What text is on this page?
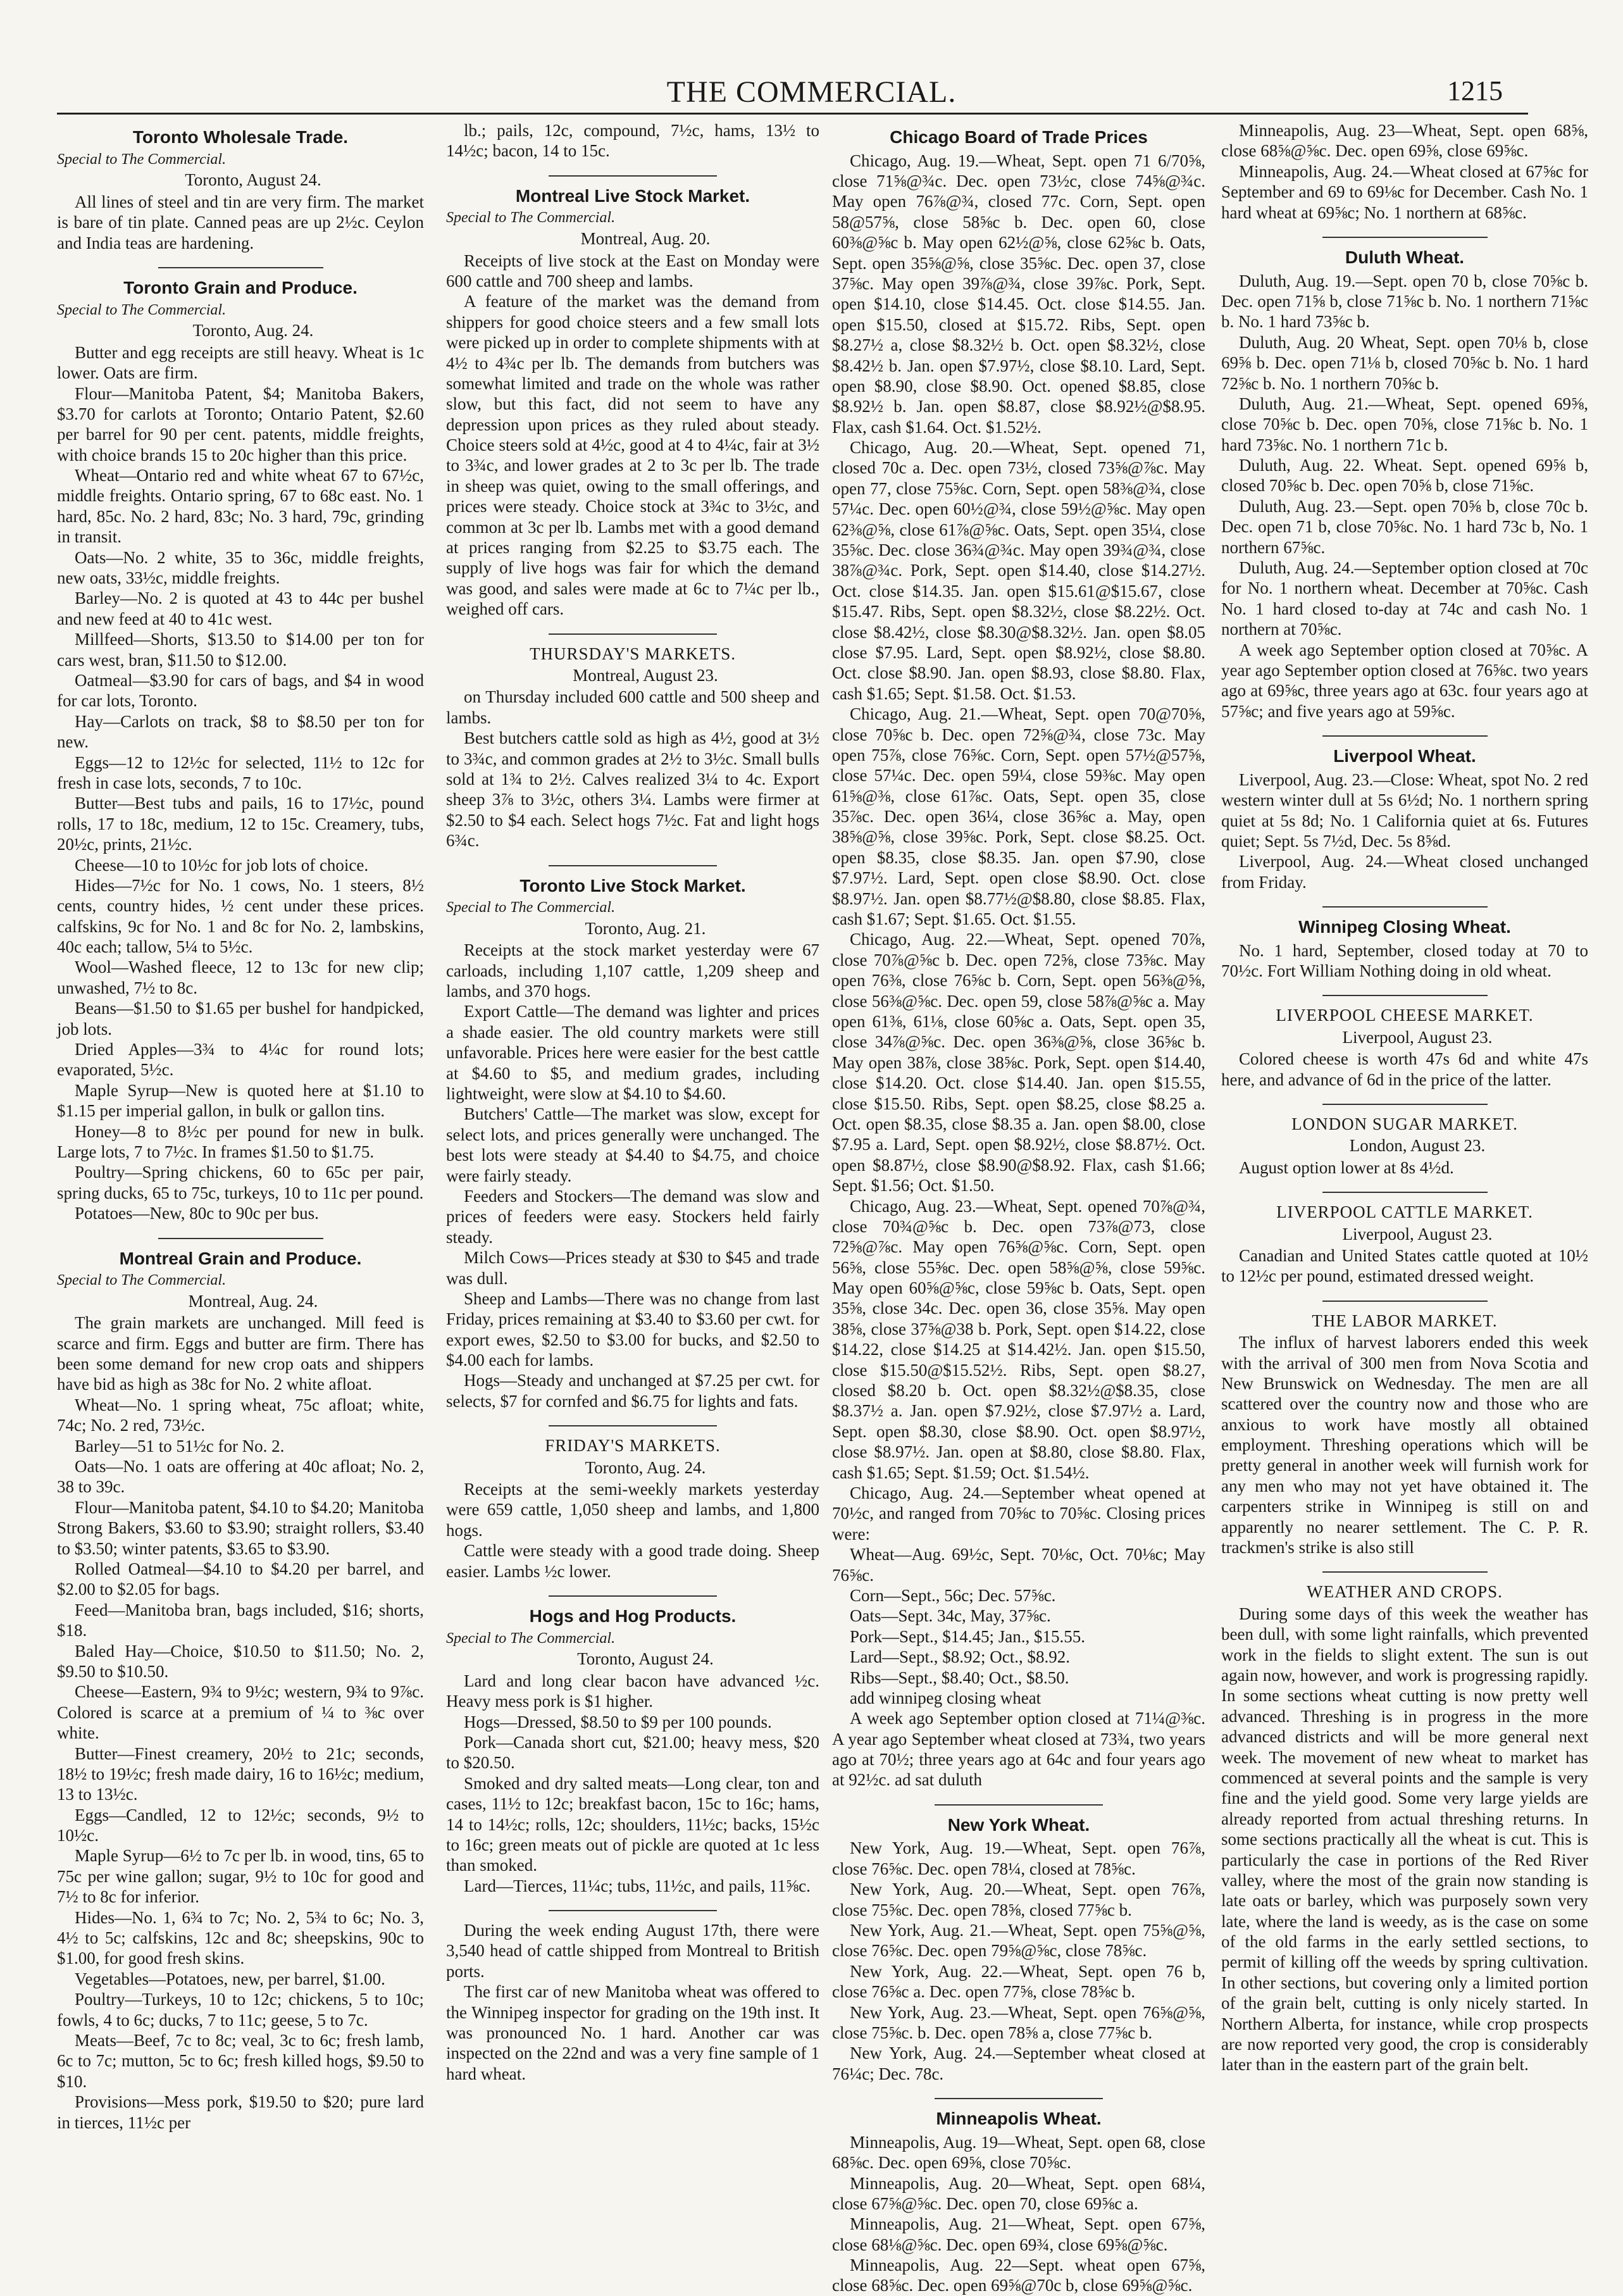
THE COMMERCIAL.	1215
Toronto Wholesale Trade.
Special to The Commercial.
Toronto, August 24.

All lines of steel and tin are very firm. The market is bare of tin plate. Canned peas are up 2½c. Ceylon and India teas are hardening.

Toronto Grain and Produce.
Special to The Commercial.
Toronto, Aug. 24.

Butter and egg receipts are still heavy. Wheat is 1c lower. Oats are firm.

Flour—Manitoba Patent, $4; Manitoba Bakers, $3.70 for carlots at Toronto; Ontario Patent, $2.60 per barrel for 90 per cent. patents, middle freights, with choice brands 15 to 20c higher than this price.

Wheat—Ontario red and white wheat 67 to 67½c, middle freights. Ontario spring, 67 to 68c east. No. 1 hard, 85c. No. 2 hard, 83c; No. 3 hard, 79c, grinding in transit.

Oats—No. 2 white, 35 to 36c, middle freights, new oats, 33½c, middle freights.

Barley—No. 2 is quoted at 43 to 44c per bushel and new feed at 40 to 41c west.

Millfeed—Shorts, $13.50 to $14.00 per ton for cars west, bran, $11.50 to $12.00.

Oatmeal—$3.90 for cars of bags, and $4 in wood for car lots, Toronto.

Hay—Carlots on track, $8 to $8.50 per ton for new.

Eggs—12 to 12½c for selected, 11½ to 12c for fresh in case lots, seconds, 7 to 10c.

Butter—Best tubs and pails, 16 to 17½c, pound rolls, 17 to 18c, medium, 12 to 15c. Creamery, tubs, 20½c, prints, 21½c.

Cheese—10 to 10½c for job lots of choice.

Hides—7½c for No. 1 cows, No. 1 steers, 8½ cents, country hides, ½ cent under these prices. calfskins, 9c for No. 1 and 8c for No. 2, lambskins, 40c each; tallow, 5¼ to 5½c.

Wool—Washed fleece, 12 to 13c for new clip; unwashed, 7½ to 8c.

Beans—$1.50 to $1.65 per bushel for handpicked, job lots.

Dried Apples—3¾ to 4¼c for round lots; evaporated, 5½c.

Maple Syrup—New is quoted here at $1.10 to $1.15 per imperial gallon, in bulk or gallon tins.

Honey—8 to 8½c per pound for new in bulk. Large lots, 7 to 7½c. In frames $1.50 to $1.75.

Poultry—Spring chickens, 60 to 65c per pair, spring ducks, 65 to 75c, turkeys, 10 to 11c per pound.

Potatoes—New, 80c to 90c per bus.

Montreal Grain and Produce.
Special to The Commercial.
Montreal, Aug. 24.

The grain markets are unchanged. Mill feed is scarce and firm. Eggs and butter are firm. There has been some demand for new crop oats and shippers have bid as high as 38c for No. 2 white afloat.

Wheat—No. 1 spring wheat, 75c afloat; white, 74c; No. 2 red, 73½c.

Barley—51 to 51½c for No. 2.

Oats—No. 1 oats are offering at 40c afloat; No. 2, 38 to 39c.

Flour—Manitoba patent, $4.10 to $4.20; Manitoba Strong Bakers, $3.60 to $3.90; straight rollers, $3.40 to $3.50; winter patents, $3.65 to $3.90.

Rolled Oatmeal—$4.10 to $4.20 per barrel, and $2.00 to $2.05 for bags.

Feed—Manitoba bran, bags included, $16; shorts, $18.

Baled Hay—Choice, $10.50 to $11.50; No. 2, $9.50 to $10.50.

Cheese—Eastern, 9¾ to 9½c; western, 9¾ to 9⅞c. Colored is scarce at a premium of ¼ to ⅜c over white.

Butter—Finest creamery, 20½ to 21c; seconds, 18½ to 19½c; fresh made dairy, 16 to 16½c; medium, 13 to 13½c.

Eggs—Candled, 12 to 12½c; seconds, 9½ to 10½c.

Maple Syrup—6½ to 7c per lb. in wood, tins, 65 to 75c per wine gallon; sugar, 9½ to 10c for good and 7½ to 8c for inferior.

Hides—No. 1, 6¾ to 7c; No. 2, 5¾ to 6c; No. 3, 4½ to 5c; calfskins, 12c and 8c; sheepskins, 90c to $1.00, for good fresh skins.

Vegetables—Potatoes, new, per barrel, $1.00.

Poultry—Turkeys, 10 to 12c; chickens, 5 to 10c; fowls, 4 to 6c; ducks, 7 to 11c; geese, 5 to 7c.

Meats—Beef, 7c to 8c; veal, 3c to 6c; fresh lamb, 6c to 7c; mutton, 5c to 6c; fresh killed hogs, $9.50 to $10.

Provisions—Mess pork, $19.50 to $20; pure lard in tierces, 11½c per

lb.; pails, 12c, compound, 7½c, hams, 13½ to 14½c; bacon, 14 to 15c.

Montreal Live Stock Market.
Special to The Commercial.
Montreal, Aug. 20.

Receipts of live stock at the East on Monday were 600 cattle and 700 sheep and lambs.

A feature of the market was the demand from shippers for good choice steers and a few small lots were picked up in order to complete shipments with at 4½ to 4¾c per lb. The demands from butchers was somewhat limited and trade on the whole was rather slow, but this fact, did not seem to have any depression upon prices as they ruled about steady. Choice steers sold at 4½c, good at 4 to 4¼c, fair at 3½ to 3¾c, and lower grades at 2 to 3c per lb. The trade in sheep was quiet, owing to the small offerings, and prices were steady. Choice stock at 3¾c to 3½c, and common at 3c per lb. Lambs met with a good demand at prices ranging from $2.25 to $3.75 each. The supply of live hogs was fair for which the demand was good, and sales were made at 6c to 7¼c per lb., weighed off cars.

THURSDAY'S MARKETS.
Montreal, August 23.

on Thursday included 600 cattle and 500 sheep and lambs.

Best butchers cattle sold as high as 4½, good at 3½ to 3¾c, and common grades at 2½ to 3½c. Small bulls sold at 1¾ to 2½. Calves realized 3¼ to 4c. Export sheep 3⅞ to 3½c, others 3¼. Lambs were firmer at $2.50 to $4 each. Select hogs 7½c. Fat and light hogs 6¾c.

Toronto Live Stock Market.
Special to The Commercial.
Toronto, Aug. 21.

Receipts at the stock market yesterday were 67 carloads, including 1,107 cattle, 1,209 sheep and lambs, and 370 hogs.

Export Cattle—The demand was lighter and prices a shade easier. The old country markets were still unfavorable. Prices here were easier for the best cattle at $4.60 to $5, and medium grades, including lightweight, were slow at $4.10 to $4.60.

Butchers' Cattle—The market was slow, except for select lots, and prices generally were unchanged. The best lots were steady at $4.40 to $4.75, and choice were fairly steady.

Feeders and Stockers—The demand was slow and prices of feeders were easy. Stockers held fairly steady.

Milch Cows—Prices steady at $30 to $45 and trade was dull.

Sheep and Lambs—There was no change from last Friday, prices remaining at $3.40 to $3.60 per cwt. for export ewes, $2.50 to $3.00 for bucks, and $2.50 to $4.00 each for lambs.

Hogs—Steady and unchanged at $7.25 per cwt. for selects, $7 for cornfed and $6.75 for lights and fats.

FRIDAY'S MARKETS.
Toronto, Aug. 24.

Receipts at the semi-weekly markets yesterday were 659 cattle, 1,050 sheep and lambs, and 1,800 hogs.

Cattle were steady with a good trade doing. Sheep easier. Lambs ½c lower.

Hogs and Hog Products.
Special to The Commercial.
Toronto, August 24.

Lard and long clear bacon have advanced ½c. Heavy mess pork is $1 higher.

Hogs—Dressed, $8.50 to $9 per 100 pounds.

Pork—Canada short cut, $21.00; heavy mess, $20 to $20.50.

Smoked and dry salted meats—Long clear, ton and cases, 11½ to 12c; breakfast bacon, 15c to 16c; hams, 14 to 14½c; rolls, 12c; shoulders, 11½c; backs, 15½c to 16c; green meats out of pickle are quoted at 1c less than smoked.

Lard—Tierces, 11¼c; tubs, 11½c, and pails, 11⅝c.

During the week ending August 17th, there were 3,540 head of cattle shipped from Montreal to British ports.

The first car of new Manitoba wheat was offered to the Winnipeg inspector for grading on the 19th inst. It was pronounced No. 1 hard. Another car was inspected on the 22nd and was a very fine sample of 1 hard wheat.

Chicago Board of Trade Prices

Chicago, Aug. 19.—Wheat, Sept. open 71 6/70⅝, close 71⅝@¾c. Dec. open 73½c, close 74⅝@¾c. May open 76⅞@¾, closed 77c. Corn, Sept. open 58@57⅝, close 58⅝c b. Dec. open 60, close 60⅜@⅝c b. May open 62½@⅝, close 62⅝c b. Oats, Sept. open 35⅝@⅝, close 35⅝c. Dec. open 37, close 37⅝c. May open 39⅞@¾, close 39⅞c. Pork, Sept. open $14.10, close $14.45. Oct. close $14.55. Jan. open $15.50, closed at $15.72. Ribs, Sept. open $8.27½ a, close $8.32½ b. Oct. open $8.32½, close $8.42½ b. Jan. open $7.97½, close $8.10. Lard, Sept. open $8.90, close $8.90. Oct. opened $8.85, close $8.92½ b. Jan. open $8.87, close $8.92½@$8.95. Flax, cash $1.64. Oct. $1.52½.

Chicago, Aug. 20.—Wheat, Sept. opened 71, closed 70c a. Dec. open 73½, closed 73⅝@⅞c. May open 77, close 75⅝c. Corn, Sept. open 58⅜@¾, close 57¼c. Dec. open 60½@¾, close 59½@⅝c. May open 62⅜@⅝, close 61⅞@⅝c. Oats, Sept. open 35¼, close 35⅝c. Dec. close 36¾@¾c. May open 39¾@¾, close 38⅞@¾c. Pork, Sept. open $14.40, close $14.27½. Oct. close $14.35. Jan. open $15.61@$15.67, close $15.47. Ribs, Sept. open $8.32½, close $8.22½. Oct. close $8.42½, close $8.30@$8.32½. Jan. open $8.05 close $7.95. Lard, Sept. open $8.92½, close $8.80. Oct. close $8.90. Jan. open $8.93, close $8.80. Flax, cash $1.65; Sept. $1.58. Oct. $1.53.

Chicago, Aug. 21.—Wheat, Sept. open 70@70⅝, close 70⅝c b. Dec. open 72⅝@¾, close 73c. May open 75⅞, close 76⅝c. Corn, Sept. open 57½@57⅝, close 57¼c. Dec. open 59¼, close 59⅜c. May open 61⅝@⅜, close 61⅞c. Oats, Sept. open 35, close 35⅞c. Dec. open 36¼, close 36⅝c a. May, open 38⅝@⅝, close 39⅝c. Pork, Sept. close $8.25. Oct. open $8.35, close $8.35. Jan. open $7.90, close $7.97½. Lard, Sept. open close $8.90. Oct. close $8.97½. Jan. open $8.77½@$8.80, close $8.85. Flax, cash $1.67; Sept. $1.65. Oct. $1.55.

Chicago, Aug. 22.—Wheat, Sept. opened 70⅞, close 70⅞@⅝c b. Dec. open 72⅝, close 73⅝c. May open 76⅜, close 76⅝c b. Corn, Sept. open 56⅜@⅝, close 56⅜@⅝c. Dec. open 59, close 58⅞@⅝c a. May open 61⅜, 61⅛, close 60⅝c a. Oats, Sept. open 35, close 34⅞@⅝c. Dec. open 36⅜@⅝, close 36⅝c b. May open 38⅞, close 38⅝c. Pork, Sept. open $14.40, close $14.20. Oct. close $14.40. Jan. open $15.55, close $15.50. Ribs, Sept. open $8.25, close $8.25 a. Oct. open $8.35, close $8.35 a. Jan. open $8.00, close $7.95 a. Lard, Sept. open $8.92½, close $8.87½. Oct. open $8.87½, close $8.90@$8.92. Flax, cash $1.66; Sept. $1.56; Oct. $1.50.

Chicago, Aug. 23.—Wheat, Sept. opened 70⅞@¾, close 70¾@⅝c b. Dec. open 73⅞@73, close 72⅝@⅞c. May open 76⅝@⅝c. Corn, Sept. open 56⅝, close 55⅝c. Dec. open 58⅝@⅝, close 59⅝c. May open 60⅝@⅝c, close 59⅝c b. Oats, Sept. open 35⅝, close 34c. Dec. open 36, close 35⅝. May open 38⅝, close 37⅝@38 b. Pork, Sept. open $14.22, close $14.22, close $14.25 at $14.42½. Jan. open $15.50, close $15.50@$15.52½. Ribs, Sept. open $8.27, closed $8.20 b. Oct. open $8.32½@$8.35, close $8.37½ a. Jan. open $7.92½, close $7.97½ a. Lard, Sept. open $8.30, close $8.90. Oct. open $8.97½, close $8.97½. Jan. open at $8.80, close $8.80. Flax, cash $1.65; Sept. $1.59; Oct. $1.54½.

Chicago, Aug. 24.—September wheat opened at 70½c, and ranged from 70⅝c to 70⅝c. Closing prices were:

Wheat—Aug. 69½c, Sept. 70⅛c, Oct. 70⅛c; May 76⅝c.

Corn—Sept., 56c; Dec. 57⅝c.

Oats—Sept. 34c, May, 37⅝c.

Pork—Sept., $14.45; Jan., $15.55.

Lard—Sept., $8.92; Oct., $8.92.

Ribs—Sept., $8.40; Oct., $8.50.

add winnipeg closing wheat

A week ago September option closed at 71¼@⅜c. A year ago September wheat closed at 73¾, two years ago at 70½; three years ago at 64c and four years ago at 92½c. ad sat duluth

New York Wheat.

New York, Aug. 19.—Wheat, Sept. open 76⅞, close 76⅝c. Dec. open 78¼, closed at 78⅝c.

New York, Aug. 20.—Wheat, Sept. open 76⅞, close 75⅝c. Dec. open 78⅝, closed 77⅝c b.

New York, Aug. 21.—Wheat, Sept. open 75⅝@⅝, close 76⅝c. Dec. open 79⅝@⅝c, close 78⅝c.

New York, Aug. 22.—Wheat, Sept. open 76 b, close 76⅝c a. Dec. open 77⅝, close 78⅝c b.

New York, Aug. 23.—Wheat, Sept. open 76⅝@⅝, close 75⅝c. b. Dec. open 78⅝ a, close 77⅝c b.

New York, Aug. 24.—September wheat closed at 76¼c; Dec. 78c.

Minneapolis Wheat.

Minneapolis, Aug. 19—Wheat, Sept. open 68, close 68⅝c. Dec. open 69⅝, close 70⅝c.

Minneapolis, Aug. 20—Wheat, Sept. open 68¼, close 67⅝@⅝c. Dec. open 70, close 69⅝c a.

Minneapolis, Aug. 21—Wheat, Sept. open 67⅝, close 68⅛@⅝c. Dec. open 69¾, close 69⅝@⅝c.

Minneapolis, Aug. 22—Sept. wheat open 67⅝, close 68⅝c. Dec. open 69⅝@70c b, close 69⅝@⅝c.

Minneapolis, Aug. 23—Wheat, Sept. open 68⅝, close 68⅝@⅝c. Dec. open 69⅝, close 69⅝c.

Minneapolis, Aug. 24.—Wheat closed at 67⅝c for September and 69 to 69⅛c for December. Cash No. 1 hard wheat at 69⅝c; No. 1 northern at 68⅝c.

Duluth Wheat.

Duluth, Aug. 19.—Sept. open 70 b, close 70⅝c b. Dec. open 71⅝ b, close 71⅝c b. No. 1 northern 71⅝c b. No. 1 hard 73⅝c b.

Duluth, Aug. 20 Wheat, Sept. open 70⅛ b, close 69⅝ b. Dec. open 71⅛ b, closed 70⅝c b. No. 1 hard 72⅝c b. No. 1 northern 70⅝c b.

Duluth, Aug. 21.—Wheat, Sept. opened 69⅝, close 70⅝c b. Dec. open 70⅝, close 71⅝c b. No. 1 hard 73⅝c. No. 1 northern 71c b.

Duluth, Aug. 22. Wheat. Sept. opened 69⅝ b, closed 70⅝c b. Dec. open 70⅝ b, close 71⅝c.

Duluth, Aug. 23.—Sept. open 70⅝ b, close 70c b. Dec. open 71 b, close 70⅝c. No. 1 hard 73c b, No. 1 northern 67⅝c.

Duluth, Aug. 24.—September option closed at 70c for No. 1 northern wheat. December at 70⅝c. Cash No. 1 hard closed to-day at 74c and cash No. 1 northern at 70⅝c.

A week ago September option closed at 70⅝c. A year ago September option closed at 76⅝c. two years ago at 69⅝c, three years ago at 63c. four years ago at 57⅝c; and five years ago at 59⅝c.

Liverpool Wheat.

Liverpool, Aug. 23.—Close: Wheat, spot No. 2 red western winter dull at 5s 6½d; No. 1 northern spring quiet at 5s 8d; No. 1 California quiet at 6s. Futures quiet; Sept. 5s 7½d, Dec. 5s 8⅝d.

Liverpool, Aug. 24.—Wheat closed unchanged from Friday.

Winnipeg Closing Wheat.

No. 1 hard, September, closed today at 70 to 70½c. Fort William Nothing doing in old wheat.

LIVERPOOL CHEESE MARKET.
Liverpool, August 23.

Colored cheese is worth 47s 6d and white 47s here, and advance of 6d in the price of the latter.

LONDON SUGAR MARKET.
London, August 23.

August option lower at 8s 4½d.

LIVERPOOL CATTLE MARKET.
Liverpool, August 23.

Canadian and United States cattle quoted at 10½ to 12½c per pound, estimated dressed weight.

THE LABOR MARKET.

The influx of harvest laborers ended this week with the arrival of 300 men from Nova Scotia and New Brunswick on Wednesday. The men are all scattered over the country now and those who are anxious to work have mostly all obtained employment. Threshing operations which will be pretty general in another week will furnish work for any men who may not yet have obtained it. The carpenters strike in Winnipeg is still on and apparently no nearer settlement. The C. P. R. trackmen's strike is also still

WEATHER AND CROPS.

During some days of this week the weather has been dull, with some light rainfalls, which prevented work in the fields to slight extent. The sun is out again now, however, and work is progressing rapidly. In some sections wheat cutting is now pretty well advanced. Threshing is in progress in the more advanced districts and will be more general next week. The movement of new wheat to market has commenced at several points and the sample is very fine and the yield good. Some very large yields are already reported from actual threshing returns. In some sections practically all the wheat is cut. This is particularly the case in portions of the Red River valley, where the most of the grain now standing is late oats or barley, which was purposely sown very late, where the land is weedy, as is the case on some of the old farms in the early settled sections, to permit of killing off the weeds by spring cultivation. In other sections, but covering only a limited portion of the grain belt, cutting is only nicely started. In Northern Alberta, for instance, while crop prospects are now reported very good, the crop is considerably later than in the eastern part of the grain belt.
